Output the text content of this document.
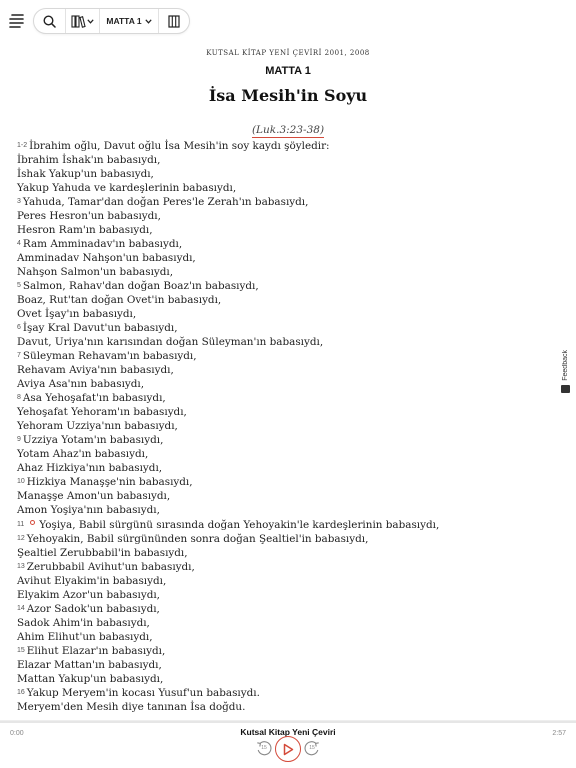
MATTA 1
KUTSAL KİTAP YENİ ÇEVİRİ 2001, 2008
MATTA 1
İsa Mesih'in Soyu
(Luk.3:23-38)
1-2 İbrahim oğlu, Davut oğlu İsa Mesih'in soy kaydı şöyledir:
İbrahim İshak'ın babasıydı,
İshak Yakup'un babasıydı,
Yakup Yahuda ve kardeşlerinin babasıydı,
3 Yahuda, Tamar'dan doğan Peres'le Zerah'ın babasıydı,
Peres Hesron'un babasıydı,
Hesron Ram'ın babasıydı,
4 Ram Amminadav'ın babasıydı,
Amminadav Nahşon'un babasıydı,
Nahşon Salmon'un babasıydı,
5 Salmon, Rahav'dan doğan Boaz'ın babasıydı,
Boaz, Rut'tan doğan Ovet'in babasıydı,
Ovet İşay'ın babasıydı,
6 İşay Kral Davut'un babasıydı,
Davut, Uriya'nın karısından doğan Süleyman'ın babasıydı,
7 Süleyman Rehavam'ın babasıydı,
Rehavam Aviya'nın babasıydı,
Aviya Asa'nın babasıydı,
8 Asa Yehoşafat'ın babasıydı,
Yehoşafat Yehoram'ın babasıydı,
Yehoram Uzziya'nın babasıydı,
9 Uzziya Yotam'ın babasıydı,
Yotam Ahaz'ın babasıydı,
Ahaz Hizkiya'nın babasıydı,
10 Hizkiya Manaşşe'nin babasıydı,
Manaşşe Amon'un babasıydı,
Amon Yoşiya'nın babasıydı,
11 Yoşiya, Babil sürgünü sırasında doğan Yehoyakin'le kardeşlerinin babasıydı,
12 Yehoyakin, Babil sürgününden sonra doğan Şealtiel'in babasıydı,
Şealtiel Zerubbabil'in babasıydı,
13 Zerubbabil Avihut'un babasıydı,
Avihut Elyakim'in babasıydı,
Elyakim Azor'un babasıydı,
14 Azor Sadok'un babasıydı,
Sadok Ahim'in babasıydı,
Ahim Elihut'un babasıydı,
15 Elihut Elazar'ın babasıydı,
Elazar Mattan'ın babasıydı,
Mattan Yakup'un babasıydı,
16 Yakup Meryem'in kocası Yusuf'un babasıydı.
Meryem'den Mesih diye tanınan İsa doğdu.
Feedback
0:00	Kutsal Kitap Yeni Çeviri	2:57
15	15
